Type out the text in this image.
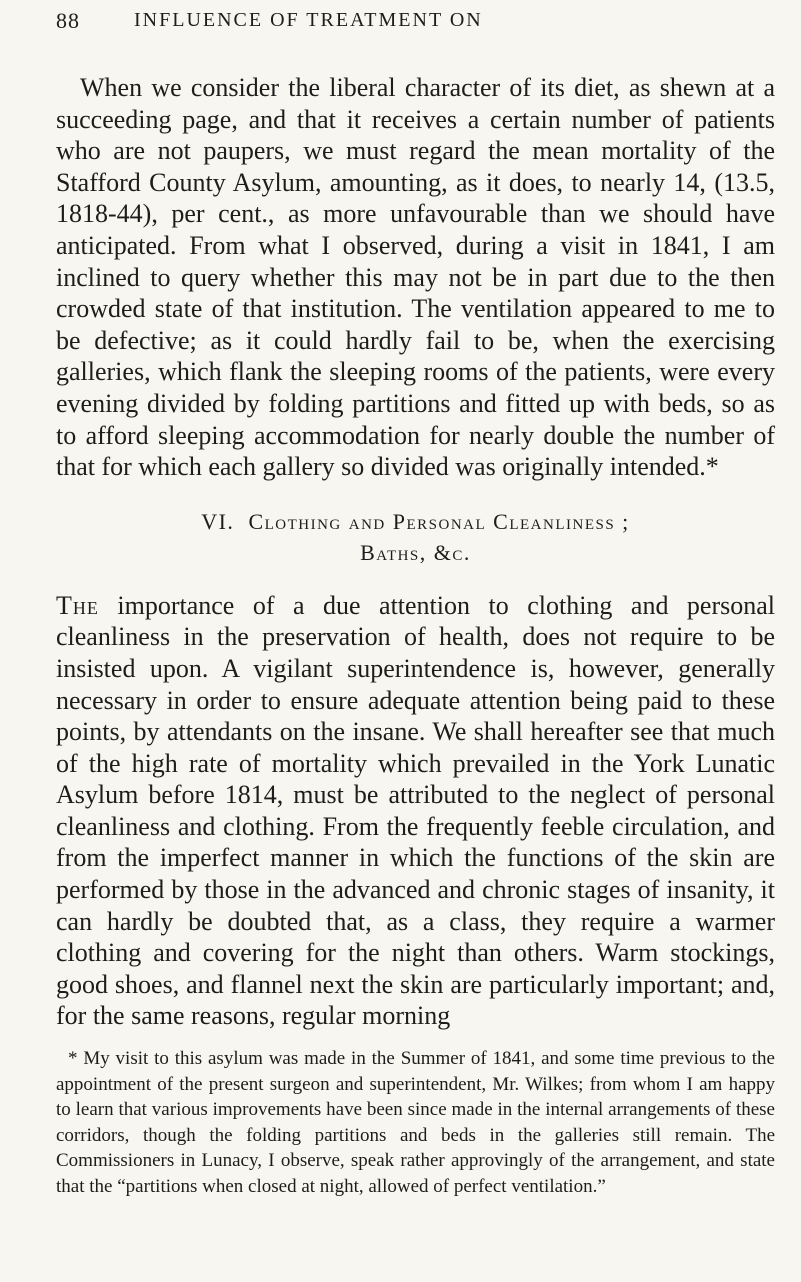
88	INFLUENCE OF TREATMENT ON

When we consider the liberal character of its diet, as shewn at a succeeding page, and that it receives a certain number of patients who are not paupers, we must regard the mean mortality of the Stafford County Asylum, amounting, as it does, to nearly 14, (13.5, 1818-44), per cent., as more unfavourable than we should have anticipated. From what I observed, during a visit in 1841, I am inclined to query whether this may not be in part due to the then crowded state of that institution. The ventilation appeared to me to be defective; as it could hardly fail to be, when the exercising galleries, which flank the sleeping rooms of the patients, were every evening divided by folding partitions and fitted up with beds, so as to afford sleeping accommodation for nearly double the number of that for which each gallery so divided was originally intended.*

VI. Clothing and Personal Cleanliness ;
Baths, &c.

The importance of a due attention to clothing and personal cleanliness in the preservation of health, does not require to be insisted upon. A vigilant superintendence is, however, generally necessary in order to ensure adequate attention being paid to these points, by attendants on the insane. We shall hereafter see that much of the high rate of mortality which prevailed in the York Lunatic Asylum before 1814, must be attributed to the neglect of personal cleanliness and clothing. From the frequently feeble circulation, and from the imperfect manner in which the functions of the skin are performed by those in the advanced and chronic stages of insanity, it can hardly be doubted that, as a class, they require a warmer clothing and covering for the night than others. Warm stockings, good shoes, and flannel next the skin are particularly important; and, for the same reasons, regular morning

* My visit to this asylum was made in the Summer of 1841, and some time previous to the appointment of the present surgeon and superintendent, Mr. Wilkes; from whom I am happy to learn that various improvements have been since made in the internal arrangements of these corridors, though the folding partitions and beds in the galleries still remain. The Commissioners in Lunacy, I observe, speak rather approvingly of the arrangement, and state that the “partitions when closed at night, allowed of perfect ventilation.”
